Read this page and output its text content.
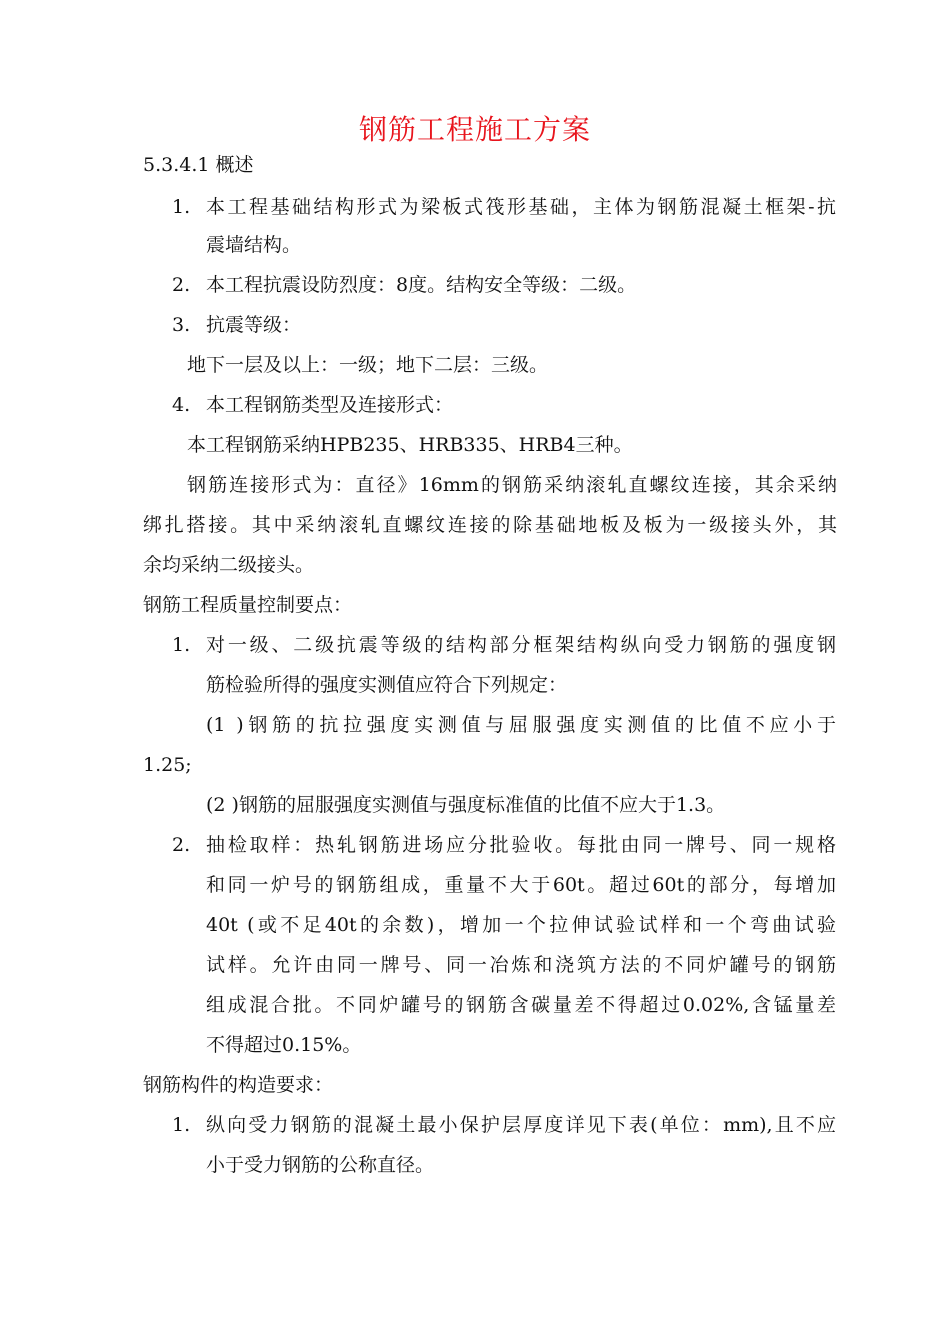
钢筋工程施工方案
5.3.4.1 概述
1. 本工程基础结构形式为梁板式筏形基础，主体为钢筋混凝土框架-抗
震墙结构。
2. 本工程抗震设防烈度：8度。结构安全等级：二级。
3. 抗震等级：
地下一层及以上：一级；地下二层：三级。
4. 本工程钢筋类型及连接形式：
本工程钢筋采纳HPB235、HRB335、HRB4三种。
钢筋连接形式为：直径》16mm的钢筋采纳滚轧直螺纹连接，其余采纳
绑扎搭接。其中采纳滚轧直螺纹连接的除基础地板及板为一级接头外，其
余均采纳二级接头。
钢筋工程质量控制要点：
1. 对一级、二级抗震等级的结构部分框架结构纵向受力钢筋的强度钢
筋检验所得的强度实测值应符合下列规定：
(1 )钢筋的抗拉强度实测值与屈服强度实测值的比值不应小于
1.25;
(2 )钢筋的屈服强度实测值与强度标准值的比值不应大于1.3。
2. 抽检取样：热轧钢筋进场应分批验收。每批由同一牌号、同一规格
和同一炉号的钢筋组成，重量不大于60t。超过60t的部分，每增加
40t (或不足40t的余数)，增加一个拉伸试验试样和一个弯曲试验
试样。允许由同一牌号、同一冶炼和浇筑方法的不同炉罐号的钢筋
组成混合批。不同炉罐号的钢筋含碳量差不得超过0.02%,含锰量差
不得超过0.15%。
钢筋构件的构造要求：
1. 纵向受力钢筋的混凝土最小保护层厚度详见下表(单位：mm),且不应
小于受力钢筋的公称直径。
